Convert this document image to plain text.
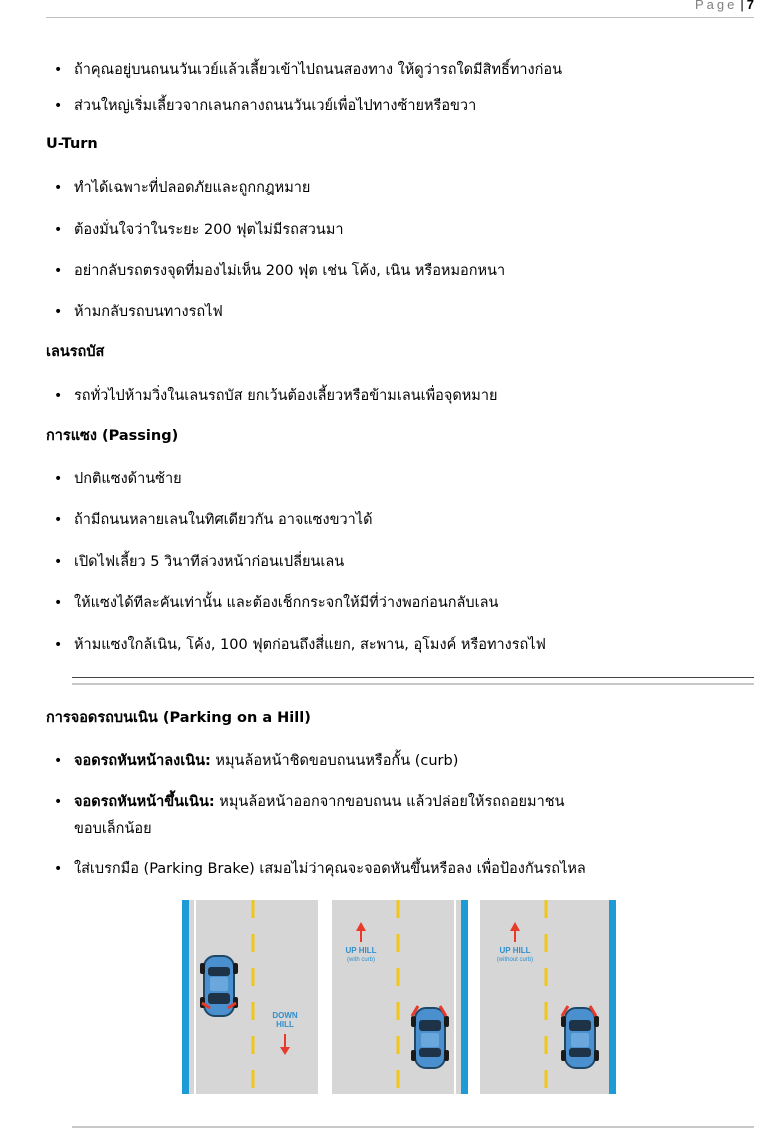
Page | 7
• ถ้าคุณอยู่บนถนนวันเวย์แล้วเลี้ยวเข้าไปถนนสองทาง ให้ดูว่ารถใดมีสิทธิ์ทางก่อน
• ส่วนใหญ่เริ่มเลี้ยวจากเลนกลางถนนวันเวย์เพื่อไปทางซ้ายหรือขวา
U-Turn
• ทำได้เฉพาะที่ปลอดภัยและถูกกฎหมาย
• ต้องมั่นใจว่าในระยะ 200 ฟุตไม่มีรถสวนมา
• อย่ากลับรถตรงจุดที่มองไม่เห็น 200 ฟุต เช่น โค้ง, เนิน หรือหมอกหนา
• ห้ามกลับรถบนทางรถไฟ
เลนรถบัส
• รถทั่วไปห้ามวิ่งในเลนรถบัส ยกเว้นต้องเลี้ยวหรือข้ามเลนเพื่อจุดหมาย
การแซง (Passing)
• ปกติแซงด้านซ้าย
• ถ้ามีถนนหลายเลนในทิศเดียวกัน อาจแซงขวาได้
• เปิดไฟเลี้ยว 5 วินาทีล่วงหน้าก่อนเปลี่ยนเลน
• ให้แซงได้ทีละคันเท่านั้น และต้องเช็กกระจกให้มีที่ว่างพอก่อนกลับเลน
• ห้ามแซงใกล้เนิน, โค้ง, 100 ฟุตก่อนถึงสี่แยก, สะพาน, อุโมงค์ หรือทางรถไฟ
การจอดรถบนเนิน (Parking on a Hill)
• จอดรถหันหน้าลงเนิน: หมุนล้อหน้าชิดขอบถนนหรือกั้น (curb)
• จอดรถหันหน้าขึ้นเนิน: หมุนล้อหน้าออกจากขอบถนน แล้วปล่อยให้รถถอยมาชน
ขอบเล็กน้อย
• ใส่เบรกมือ (Parking Brake) เสมอไม่ว่าคุณจะจอดหันขึ้นหรือลง เพื่อป้องกันรถไหล
DOWN
HILL
UP HILL
(with curb)
UP HILL
(without curb)
